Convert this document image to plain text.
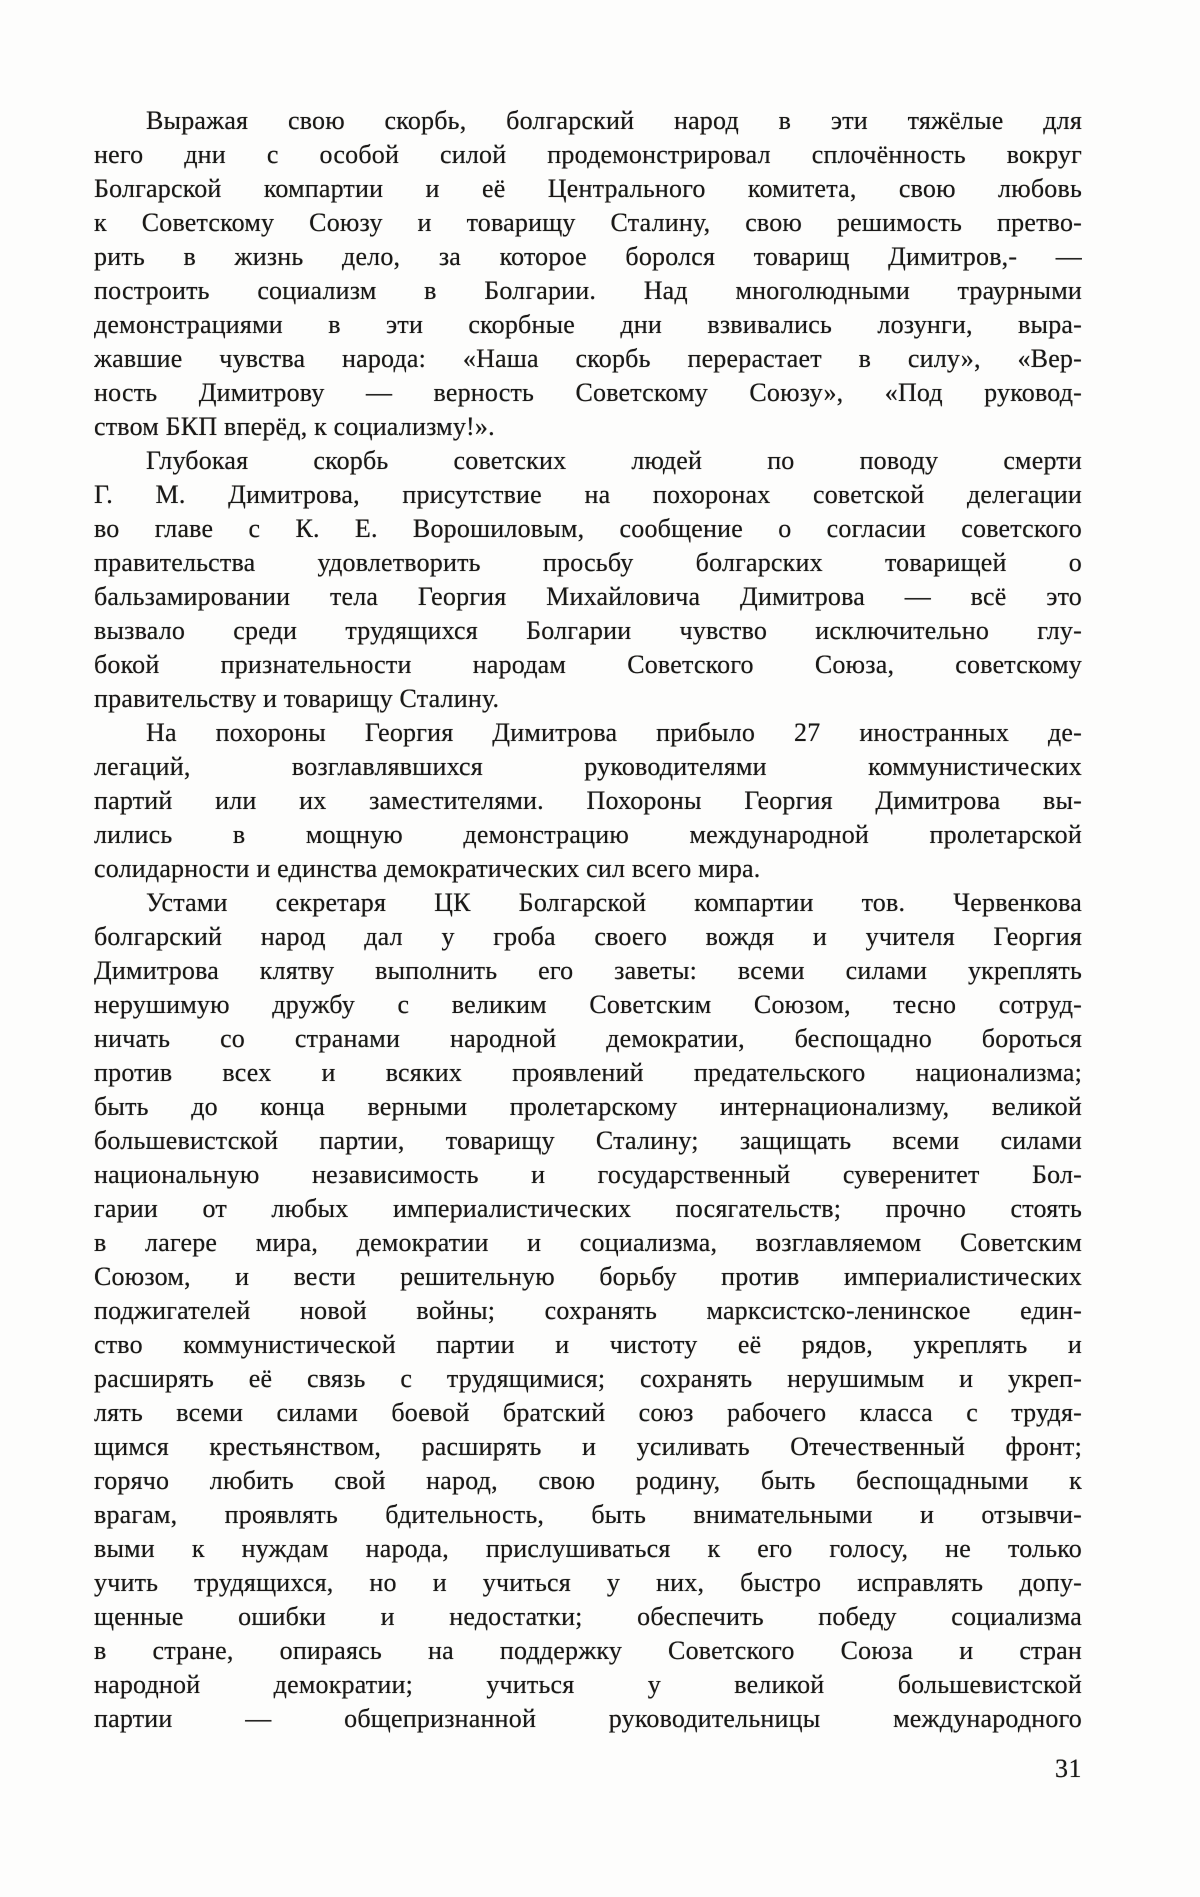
Выражая свою скорбь, болгарский народ в эти тяжёлые для
него дни с особой силой продемонстрировал сплочённость вокруг
Болгарской компартии и её Центрального комитета, свою любовь
к Советскому Союзу и товарищу Сталину, свою решимость претво-
рить в жизнь дело, за которое боролся товарищ Димитров,- —
построить социализм в Болгарии. Над многолюдными траурными
демонстрациями в эти скорбные дни взвивались лозунги, выра-
жавшие чувства народа: «Наша скорбь перерастает в силу», «Вер-
ность Димитрову — верность Советскому Союзу», «Под руковод-
ством БКП вперёд, к социализму!».
Глубокая скорбь советских людей по поводу смерти
Г. М. Димитрова, присутствие на похоронах советской делегации
во главе с К. Е. Ворошиловым, сообщение о согласии советского
правительства удовлетворить просьбу болгарских товарищей о
бальзамировании тела Георгия Михайловича Димитрова — всё это
вызвало среди трудящихся Болгарии чувство исключительно глу-
бокой признательности народам Советского Союза, советскому
правительству и товарищу Сталину.
На похороны Георгия Димитрова прибыло 27 иностранных де-
легаций, возглавлявшихся руководителями коммунистических
партий или их заместителями. Похороны Георгия Димитрова вы-
лились в мощную демонстрацию международной пролетарской
солидарности и единства демократических сил всего мира.
Устами секретаря ЦК Болгарской компартии тов. Червенкова
болгарский народ дал у гроба своего вождя и учителя Георгия
Димитрова клятву выполнить его заветы: всеми силами укреплять
нерушимую дружбу с великим Советским Союзом, тесно сотруд-
ничать со странами народной демократии, беспощадно бороться
против всех и всяких проявлений предательского национализма;
быть до конца верными пролетарскому интернационализму, великой
большевистской партии, товарищу Сталину; защищать всеми силами
национальную независимость и государственный суверенитет Бол-
гарии от любых империалистических посягательств; прочно стоять
в лагере мира, демократии и социализма, возглавляемом Советским
Союзом, и вести решительную борьбу против империалистических
поджигателей новой войны; сохранять марксистско-ленинское един-
ство коммунистической партии и чистоту её рядов, укреплять и
расширять её связь с трудящимися; сохранять нерушимым и укреп-
лять всеми силами боевой братский союз рабочего класса с трудя-
щимся крестьянством, расширять и усиливать Отечественный фронт;
горячо любить свой народ, свою родину, быть беспощадными к
врагам, проявлять бдительность, быть внимательными и отзывчи-
выми к нуждам народа, прислушиваться к его голосу, не только
учить трудящихся, но и учиться у них, быстро исправлять допу-
щенные ошибки и недостатки; обеспечить победу социализма
в стране, опираясь на поддержку Советского Союза и стран
народной демократии; учиться у великой большевистской
партии — общепризнанной руководительницы международного
31
